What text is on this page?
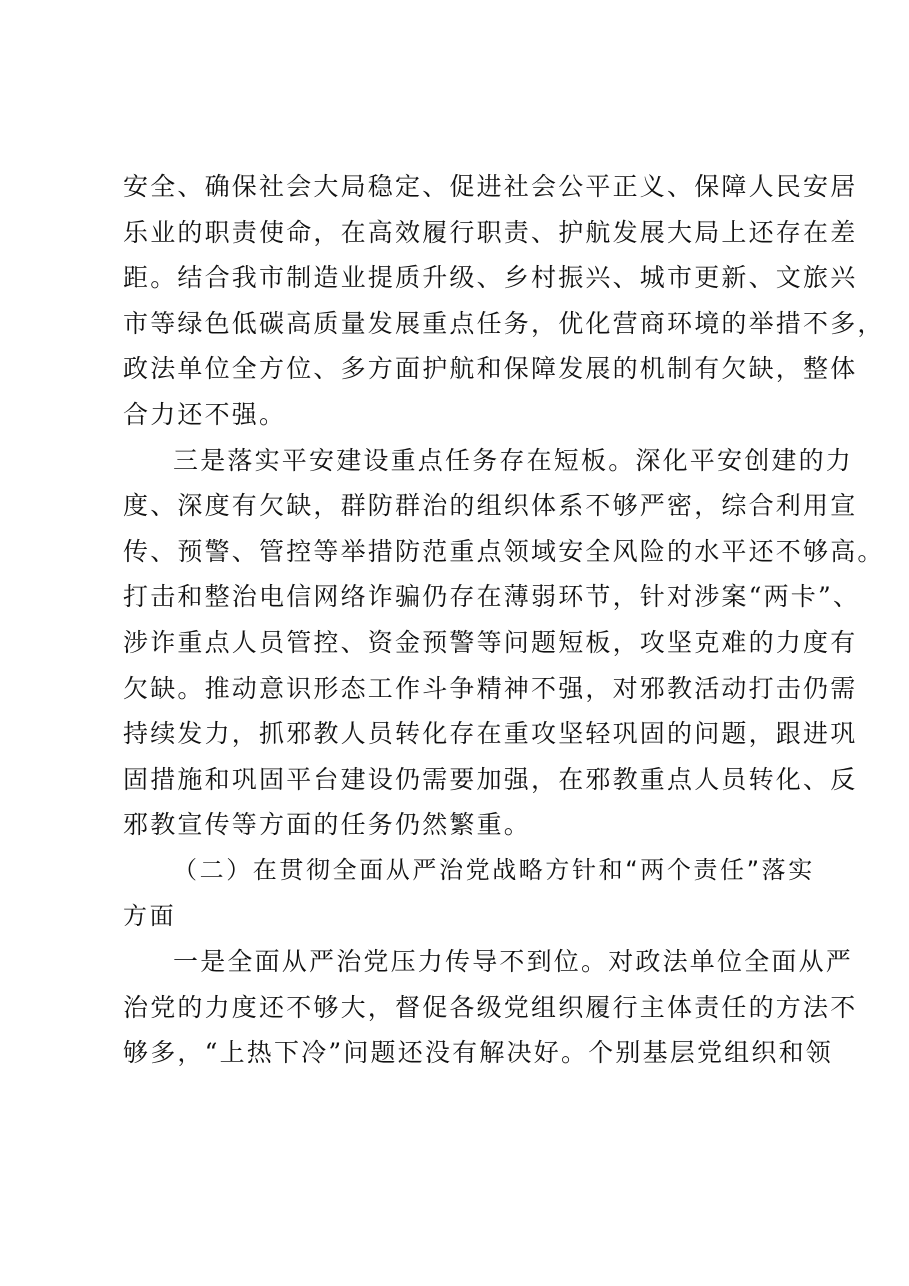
安全、确保社会大局稳定、促进社会公平正义、保障人民安居
乐业的职责使命，在高效履行职责、护航发展大局上还存在差
距。结合我市制造业提质升级、乡村振兴、城市更新、文旅兴
市等绿色低碳高质量发展重点任务，优化营商环境的举措不多，
政法单位全方位、多方面护航和保障发展的机制有欠缺，整体
合力还不强。
三是落实平安建设重点任务存在短板。深化平安创建的力
度、深度有欠缺，群防群治的组织体系不够严密，综合利用宣
传、预警、管控等举措防范重点领域安全风险的水平还不够高。
打击和整治电信网络诈骗仍存在薄弱环节，针对涉案“两卡”、
涉诈重点人员管控、资金预警等问题短板，攻坚克难的力度有
欠缺。推动意识形态工作斗争精神不强，对邪教活动打击仍需
持续发力，抓邪教人员转化存在重攻坚轻巩固的问题，跟进巩
固措施和巩固平台建设仍需要加强，在邪教重点人员转化、反
邪教宣传等方面的任务仍然繁重。
（二）在贯彻全面从严治党战略方针和“两个责任”落实
方面
一是全面从严治党压力传导不到位。对政法单位全面从严
治党的力度还不够大，督促各级党组织履行主体责任的方法不
够多，“上热下冷”问题还没有解决好。个别基层党组织和领
